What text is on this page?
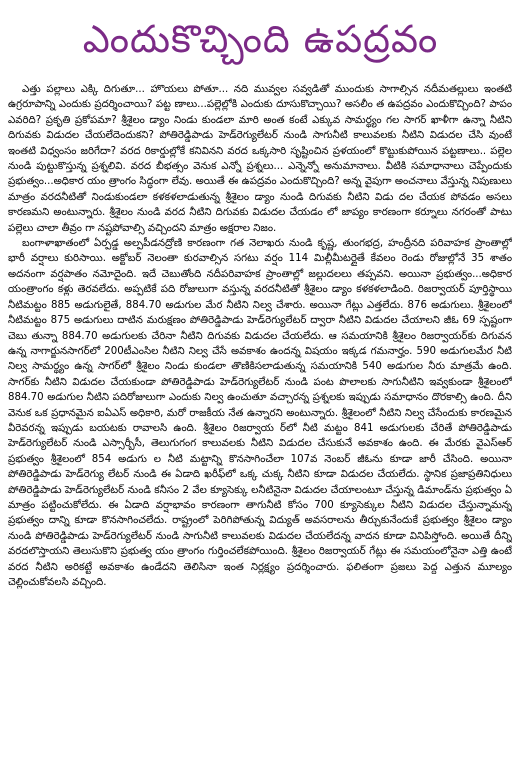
ఎందుకొచ్చింది ఉపద్రవం

ఎత్తు పల్లాలు ఎక్కి దిగుతూ... హొయలు పోతూ... నది మువ్వల సవ్వడితో ముందుకు సాగాల్సిన నదీమతల్లులు ఇంతటి ఉగ్రరూపాన్ని ఎందుకు ప్రదర్శించాయి? పట్ట ణాలు...పల్లెల్లోకి ఎందుకు దూసుకొచ్చాయి? అసలీం త ఉపద్రవం ఎందుకొచ్చింది? పాపం ఎవరిది? ప్రకృతి ప్రకోపమా? శ్రీశైలం డ్యాం నిండు కుండలా మారి అంత కంటే ఎక్కువ సామర్థ్యం గల సాగర్ ఖాళీగా ఉన్నా నీటిని దిగువకు విడుదల చేయలేదెందుకని? పోతిరెడ్డిపాడు హెడ్‌రెగ్యులేటర్ నుండి సాగునీటి కాలువలకు నీటిని విడుదల చేసి వుంటే ఇంతటి విధ్వంసం జరిగేదా? వరద రికార్డుల్లోకే కనివినని వరద ఒక్కసారి సృష్టించిన ప్రళయంలో కొట్టుకుపోయిన పట్టణాలు.. పల్లెల నుండి పుట్టుకొస్తున్న ప్రశ్నలివి. వరద బీభత్సం వెనుక ఎన్నో ప్రశ్నలు... ఎన్నెన్నో అనుమానాలు. వీటికి సమాధానాలు చెప్పేందుకు ప్రభుత్వం...అధికార యం త్రాంగం సిద్ధంగా లేవు. అయితే ఈ ఉపద్రవం ఎందుకొచ్చింది? అన్న వైపుగా అంచనాలు వేస్తున్న నిపుణులు మాత్రం వరదనీటితో నిండుకుండలా కళకళలాడుతున్న శ్రీశైలం డ్యాం నుండి దిగువకు నీటిని విడు దల చేయక పోవడం అసలు కారణమని అంటున్నారు. శ్రీశైలం నుండి వరద నీటిని దిగువకు విడుదల చేయడం లో జాప్యం కారణంగా కర్నూలు నగరంతో పాటు పల్లెలు చాలా తీవ్రం గా నష్టపోవాల్సి వచ్చిందని మాత్రం అక్షరాల నిజం.

బంగాళాఖాతంలో ఏర్పడ్డ అల్పపీడనద్రోణి కారణంగా గత నెలాఖరు నుండి కృష్ణ, తుంగభద్ర, హంద్రీనది పరివాహక ప్రాంతాల్లో భారీ వర్షాలు కురిసాయి. అక్టోబర్ నెలంతా కురవాల్సిన సగటు వర్షం 114 మిల్లీమీటర్లైతే కేవలం రెండు రోజుల్లోనే 35 శాతం అదనంగా వర్షపాతం నమోదైంది. ఇదే చెబుతోంది నదీపరివాహక ప్రాంతాల్లో జల్లుదలలు తప్పవని. అయినా ప్రభుత్వం...అధికార యంత్రాంగం కళ్లు తెరవలేదు. అప్పటికే పది రోజులుగా వస్తున్న వరదనీటితో శ్రీశైలం డ్యాం కళకళలాడింది. రిజర్వాయర్ పూర్తిస్థాయి నీటిమట్టం 885 అడుగులైతే, 884.70 అడుగుల మేర నీటిని నిల్వ చేశారు. అయినా గేట్లు ఎత్తలేదు. 876 అడుగులు. శ్రీశైలంలో నీటిమట్టం 875 అడుగులు దాటిన మరుక్షణం పోతిరెడ్డిపాడు హెడ్‌రెగ్యులేటర్ ద్వారా నీటిని విడుదల చేయాలని జీఓ 69 స్పష్టంగా చెబు తున్నా 884.70 అడుగులకు చేరినా నీటిని దిగువకు విడుదల చేయలేదు. ఆ సమయానికి శ్రీశైలం రిజర్వాయర్‌కు దిగువన ఉన్న నాగార్జునసాగర్‌లో 200టీఎంసిల నీటిని నిల్వ చేసే అవకాశం ఉందన్న విషయం ఇక్కడ గమనార్హం. 590 అడుగులమేర నీటి నిల్వ సామర్థ్యం ఉన్న సాగర్‌లో శ్రీశైలం నిండు కుండలా తొణికిసలాడుతున్న సమయానికి 540 అడుగుల నీరు మాత్రమే ఉంది. సాగర్‌కు నీటిని విడుదల చేయకుండా పోతిరెడ్డిపాడు హెడ్‌రెగ్యులేటర్ నుండి పంట పొలాలకు సాగునీటిని ఇవ్వకుండా శ్రీశైలంలో 884.70 అడుగుల నీటిని పదిరోజులుగా ఎందుకు నిల్వ ఉంచుతూ వచ్చారన్న ప్రశ్నలకు ఇప్పుడు సమాధానం దొరకాల్సి ఉంది. దీని వెనుక ఒక ప్రధానమైన ఐఏఎస్ అధికారి, మరో రాజకీయ నేత ఉన్నారని అంటున్నారు. శ్రీశైలంలో నీటిని నిల్వ చేసేందుకు కారణమైన వీరెవరన్న ఇప్పుడు బయటకు రావాలసి ఉంది. శ్రీశైలం రిజర్వాయ ర్‌లో నీటి మట్టం 841 అడుగులకు చేరితే పోతిరెడ్డిపాడు హెడ్‌రెగ్యులేటర్ నుండి ఎస్సార్బీసీ, తెలుగుగంగ కాలువలకు నీటిని విడుదల చేసుకునే అవకాశం ఉంది. ఈ మేరకు వైఎస్ఆర్ ప్రభుత్వం శ్రీశైలంలో 854 అడుగు ల నీటి మట్టాన్ని కొనసాగించేలా 107వ నెంబర్ జీఓను కూడా జారీ చేసింది. అయినా పోతిరెడ్డిపాడు హెడ్‌రెగ్యు లేటర్ నుండి ఈ ఏడాది ఖరీఫ్‌లో ఒక్క చుక్క నీటిని కూడా విడుదల చేయలేదు. స్థానిక ప్రజాప్రతినిధులు పోతిరెడ్డిపాడు హెడ్‌రెగ్యులేటర్ నుండి కనీసం 2 వేల క్యూసెక్కు లనీటినైనా విడుదల చేయాలంటూ చేస్తున్న డిమాండ్‌ను ప్రభుత్వం ఏ మాత్రం పట్టించుకోలేదు. ఈ ఏడాది వర్షాభావం కారణంగా తాగునీటి కోసం 700 క్యూసెక్కుల నీటిని విడుదల చేస్తున్నామన్న ప్రభుత్వం దాన్ని కూడా కొనసాగించలేదు. రాష్ట్రంలో పెరిగిపోతున్న విద్యుత్ అవసరాలను తీర్చుకునేందుకే ప్రభుత్వం శ్రీశైలం డ్యాం నుండి పోతిరెడ్డిపాడు హెడ్‌రెగ్యులేటర్ నుండి సాగునీటి కాలువలకు విడుదల చేయలేదన్న వాదన కూడా వినిపిస్తోంది. అయితే దీన్ని వరదలొస్తాయని తెలుసుకొని ప్రభుత్వ యం త్రాంగం గుర్తించలేకపోయింది. శ్రీశైలం రిజర్వాయర్ గేట్లు ఈ సమయంలోనైనా ఎత్తి ఉంటే వరద నీటిని అరికట్టే అవకాశం ఉండేదని తెలిసినా ఇంత నిర్లక్ష్యం ప్రదర్శించారు. ఫలితంగా ప్రజలు పెద్ద ఎత్తున మూల్యం చెల్లించుకోవలసి వచ్చింది.
